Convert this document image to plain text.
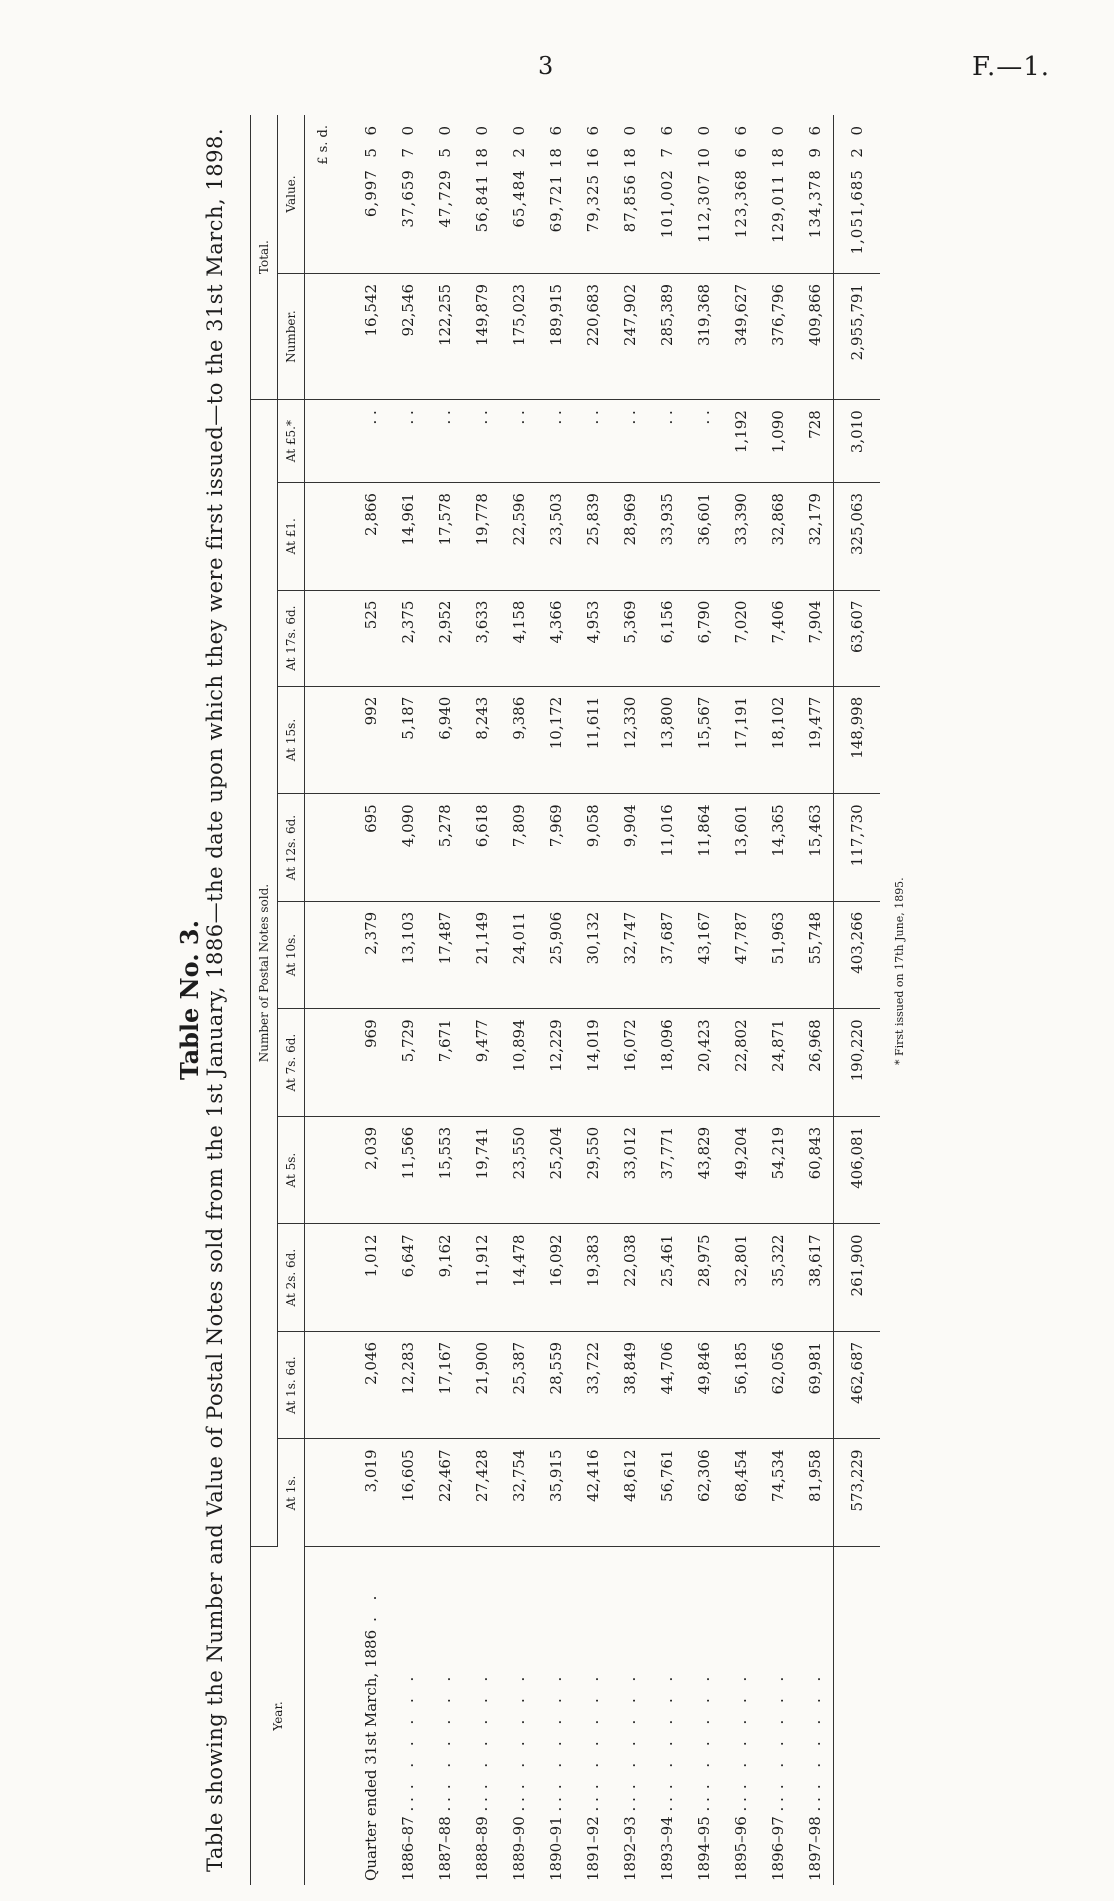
3	F.—1.
Table No. 3. Table showing the Number and Value of Postal Notes sold from the 1st January, 1886—the date upon which they were first issued—to the 31st March, 1898.	Year.	Number of Postal Notes sold.											Total.	
	At 1s.	At 1s. 6d.	At 2s. 6d.	At 5s.	At 7s. 6d.	At 10s.	At 12s. 6d.	At 15s.	At 17s. 6d.	At £1.	At £5.*	Number.	Value.
													£ s. d.
Quarter ended 31st March, 1886. .	3,019	2,046	1,012	2,039	969	2,379	695	992	525	2,866	. .	16,542	6,997  5  6
1886–87 . .. . . . . .	16,605	12,283	6,647	11,566	5,729	13,103	4,090	5,187	2,375	14,961	. .	92,546	37,659  7  0
1887–88 . .. . . . . .	22,467	17,167	9,162	15,553	7,671	17,487	5,278	6,940	2,952	17,578	. .	122,255	47,729  5  0
1888–89 . .. . . . . .	27,428	21,900	11,912	19,741	9,477	21,149	6,618	8,243	3,633	19,778	. .	149,879	56,841 18  0
1889–90 . .. . . . . .	32,754	25,387	14,478	23,550	10,894	24,011	7,809	9,386	4,158	22,596	. .	175,023	65,484  2  0
1890–91 . .. . . . . .	35,915	28,559	16,092	25,204	12,229	25,906	7,969	10,172	4,366	23,503	. .	189,915	69,721 18  6
1891–92 . .. . . . . .	42,416	33,722	19,383	29,550	14,019	30,132	9,058	11,611	4,953	25,839	. .	220,683	79,325 16  6
1892–93 . .. . . . . .	48,612	38,849	22,038	33,012	16,072	32,747	9,904	12,330	5,369	28,969	. .	247,902	87,856 18  0
1893–94 . .. . . . . .	56,761	44,706	25,461	37,771	18,096	37,687	11,016	13,800	6,156	33,935	. .	285,389	101,002  7  6
1894–95 . .. . . . . .	62,306	49,846	28,975	43,829	20,423	43,167	11,864	15,567	6,790	36,601	. .	319,368	112,307 10  0
1895–96 . .. . . . . .	68,454	56,185	32,801	49,204	22,802	47,787	13,601	17,191	7,020	33,390	1,192	349,627	123,368  6  6
1896–97 . .. . . . . .	74,534	62,056	35,322	54,219	24,871	51,963	14,365	18,102	7,406	32,868	1,090	376,796	129,011 18  0
1897–98 . .. . . . . .	81,958	69,981	38,617	60,843	26,968	55,748	15,463	19,477	7,904	32,179	728	409,866	134,378  9  6
	573,229	462,687	261,900	406,081	190,220	403,266	117,730	148,998	63,607	325,063	3,010	2,955,791	1,051,685  2  0
* First issued on 17th June, 1895.
